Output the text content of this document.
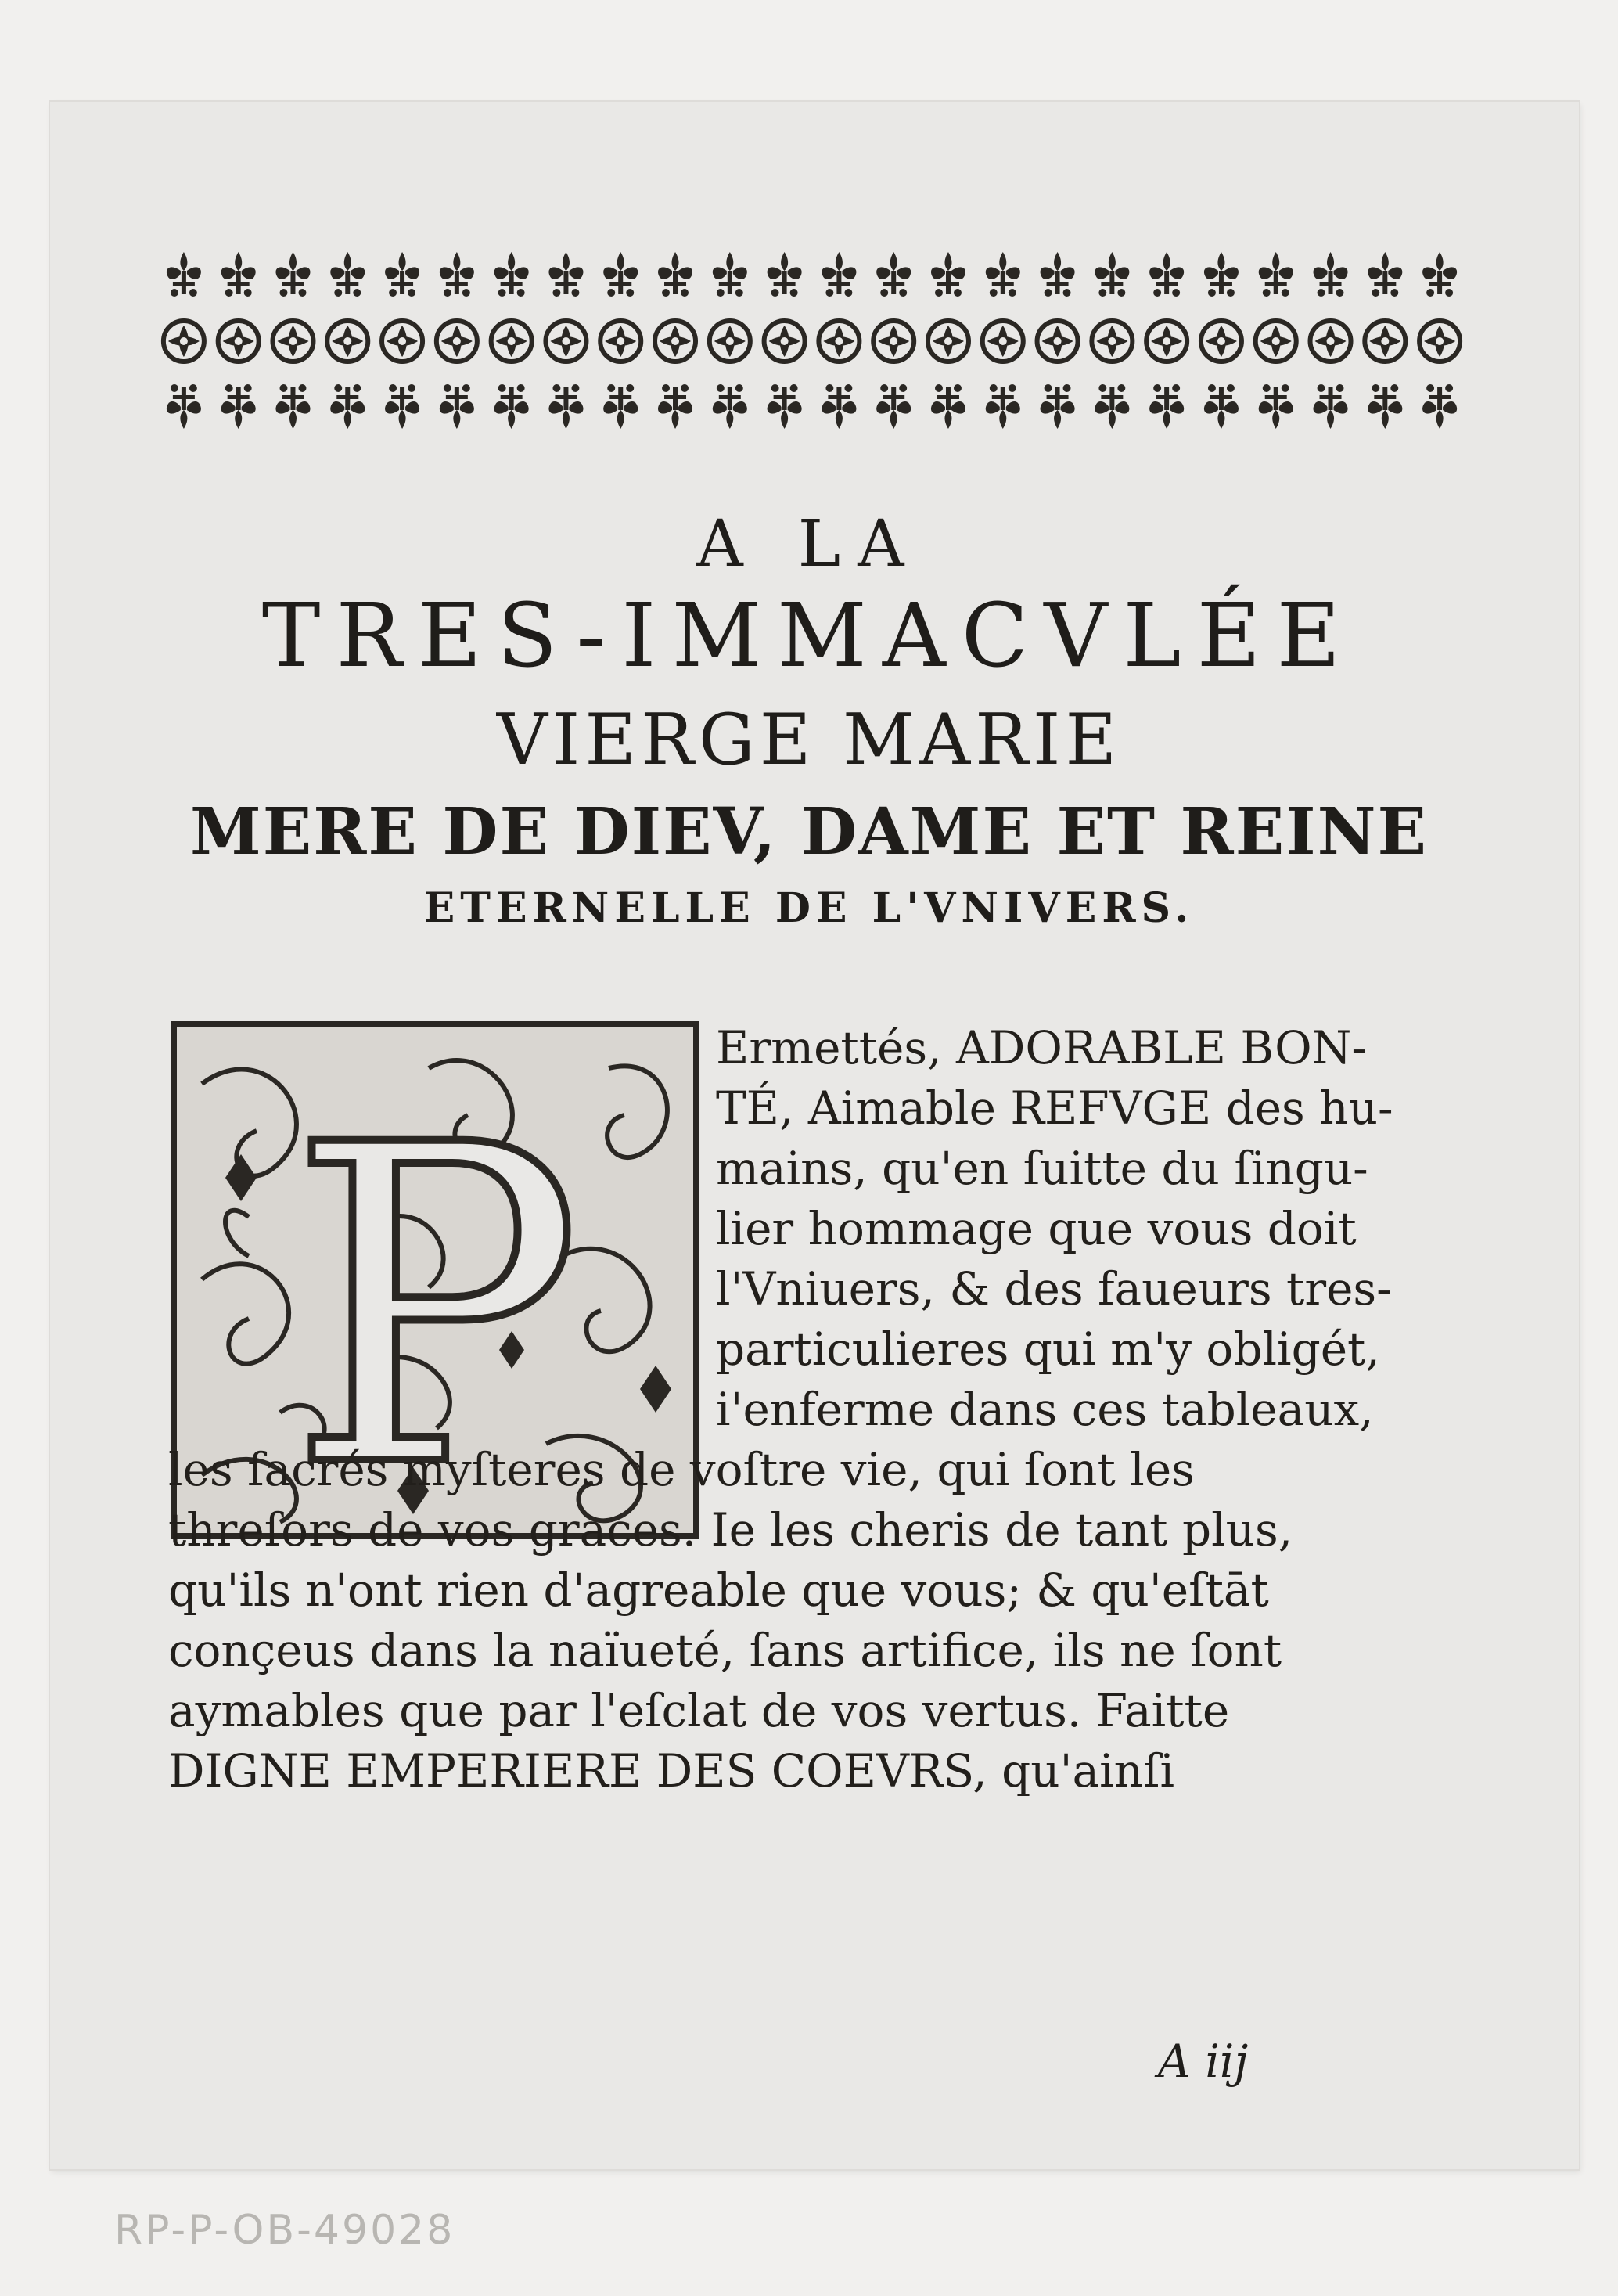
A LA
TRES-IMMACVLÉE
VIERGE MARIE
MERE DE DIEV, DAME ET REINE
ETERNELLE DE L'VNIVERS.
P
Ermettés, ADORABLE BON-
TÉ, Aimable REFVGE des hu-
mains, qu'en ſuitte du ſingu-
lier hommage que vous doit
l'Vniuers, & des faueurs tres-
particulieres qui m'y obligét,
i'enferme dans ces tableaux,
les ſacrés myſteres de voſtre vie, qui ſont les
threſors de vos graces. Ie les cheris de tant plus,
qu'ils n'ont rien d'agreable que vous; & qu'eſtāt
conçeus dans la naïueté, ſans artifice, ils ne ſont
aymables que par l'eſclat de vos vertus. Faitte
DIGNE EMPERIERE DES COEVRS, qu'ainſi
A iij
RP-P-OB-49028
